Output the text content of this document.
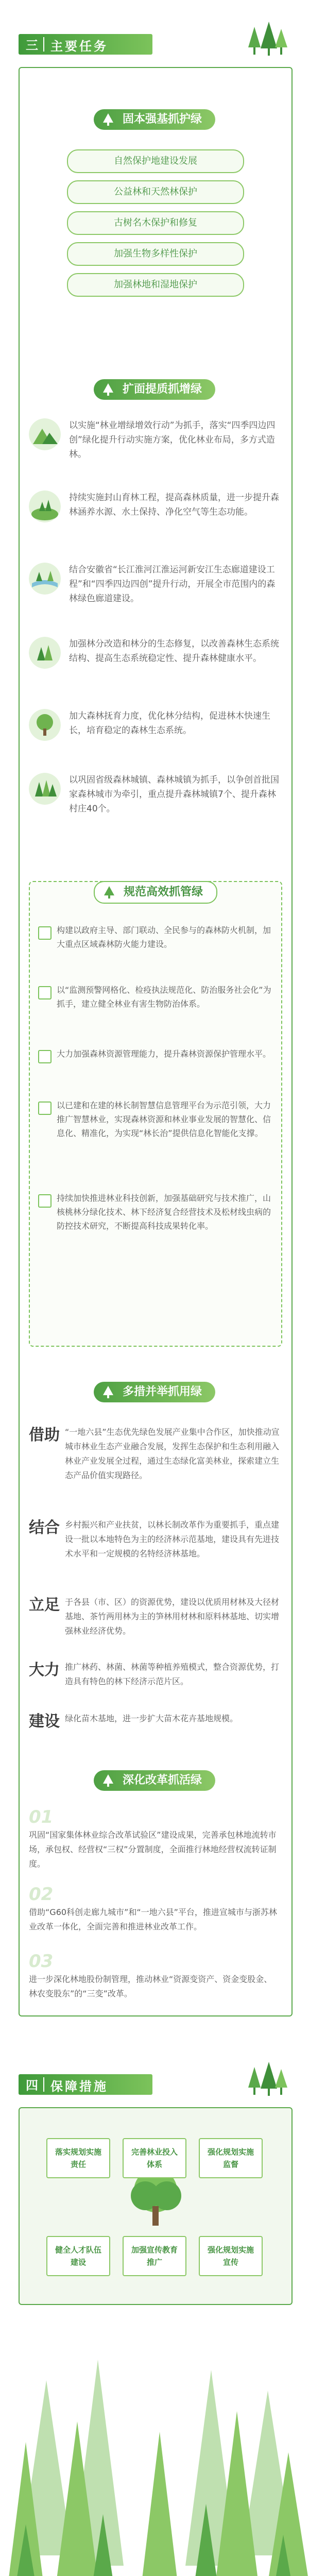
三 主要任务
固本强基抓护绿
自然保护地建设发展
公益林和天然林保护
古树名木保护和修复
加强生物多样性保护
加强林地和湿地保护
扩面提质抓增绿
以实施“林业增绿增效行动”为抓手，落实“四季四边四创”绿化提升行动实施方案，优化林业布局，多方式造林。
持续实施封山育林工程，提高森林质量，进一步提升森林涵养水源、水土保持、净化空气等生态功能。
结合安徽省“长江淮河江淮运河新安江生态廊道建设工程”和“四季四边四创”提升行动，开展全市范围内的森林绿色廊道建设。
加强林分改造和林分的生态修复，以改善森林生态系统结构、提高生态系统稳定性、提升森林健康水平。
加大森林抚育力度，优化林分结构，促进林木快速生长，培育稳定的森林生态系统。
以巩固省级森林城镇、森林城镇为抓手，以争创首批国家森林城市为牵引，重点提升森林城镇7个、提升森林村庄40个。
规范高效抓管绿
构建以政府主导、部门联动、全民参与的森林防火机制，加大重点区域森林防火能力建设。
以“监测预警网格化、检疫执法规范化、防治服务社会化”为抓手，建立健全林业有害生物防治体系。
大力加强森林资源管理能力，提升森林资源保护管理水平。
以已建和在建的林长制智慧信息管理平台为示范引领，大力推广智慧林业，实现森林资源和林业事业发展的智慧化、信息化、精准化，为实现“林长治”提供信息化智能化支撑。
持续加快推进林业科技创新，加强基础研究与技术推广，山核桃林分绿化技术、林下经济复合经营技术及松材线虫病的防控技术研究，不断提高科技成果转化率。
多措并举抓用绿
借助 “一地六县”生态优先绿色发展产业集中合作区，加快推动宣城市林业生态产业融合发展，发挥生态保护和生态利用融入林业产业发展全过程，通过生态绿化富美林业，探索建立生态产品价值实现路径。
结合 乡村振兴和产业扶贫，以林长制改革作为重要抓手，重点建设一批以本地特色为主的经济林示范基地，建设具有先进技术水平和一定规模的名特经济林基地。
立足 于各县（市、区）的资源优势，建设以优质用材林及大径材基地、茶竹两用林为主的笋林用材林和原料林基地、切实增强林业经济优势。
大力 推广林药、林菌、林菌等种植养殖模式，整合资源优势，打造具有特色的林下经济示范片区。
建设 绿化苗木基地，进一步扩大苗木花卉基地规模。
深化改革抓活绿
01
巩固“国家集体林业综合改革试验区”建设成果，完善承包林地流转市场，承包权、经营权“三权”分置制度，全面推行林地经营权流转证制度。
02
借助“G60科创走廊九城市”和“一地六县”平台，推进宣城市与浙苏林业改革一体化，全面完善和推进林业改革工作。
03
进一步深化林地股份制管理，推动林业“资源变资产、资金变股金、林农变股东”的“三变”改革。
四 保障措施
落实规划实施责任
完善林业投入体系
强化规划实施监督
健全人才队伍建设
加强宣传教育推广
强化规划实施宣传
